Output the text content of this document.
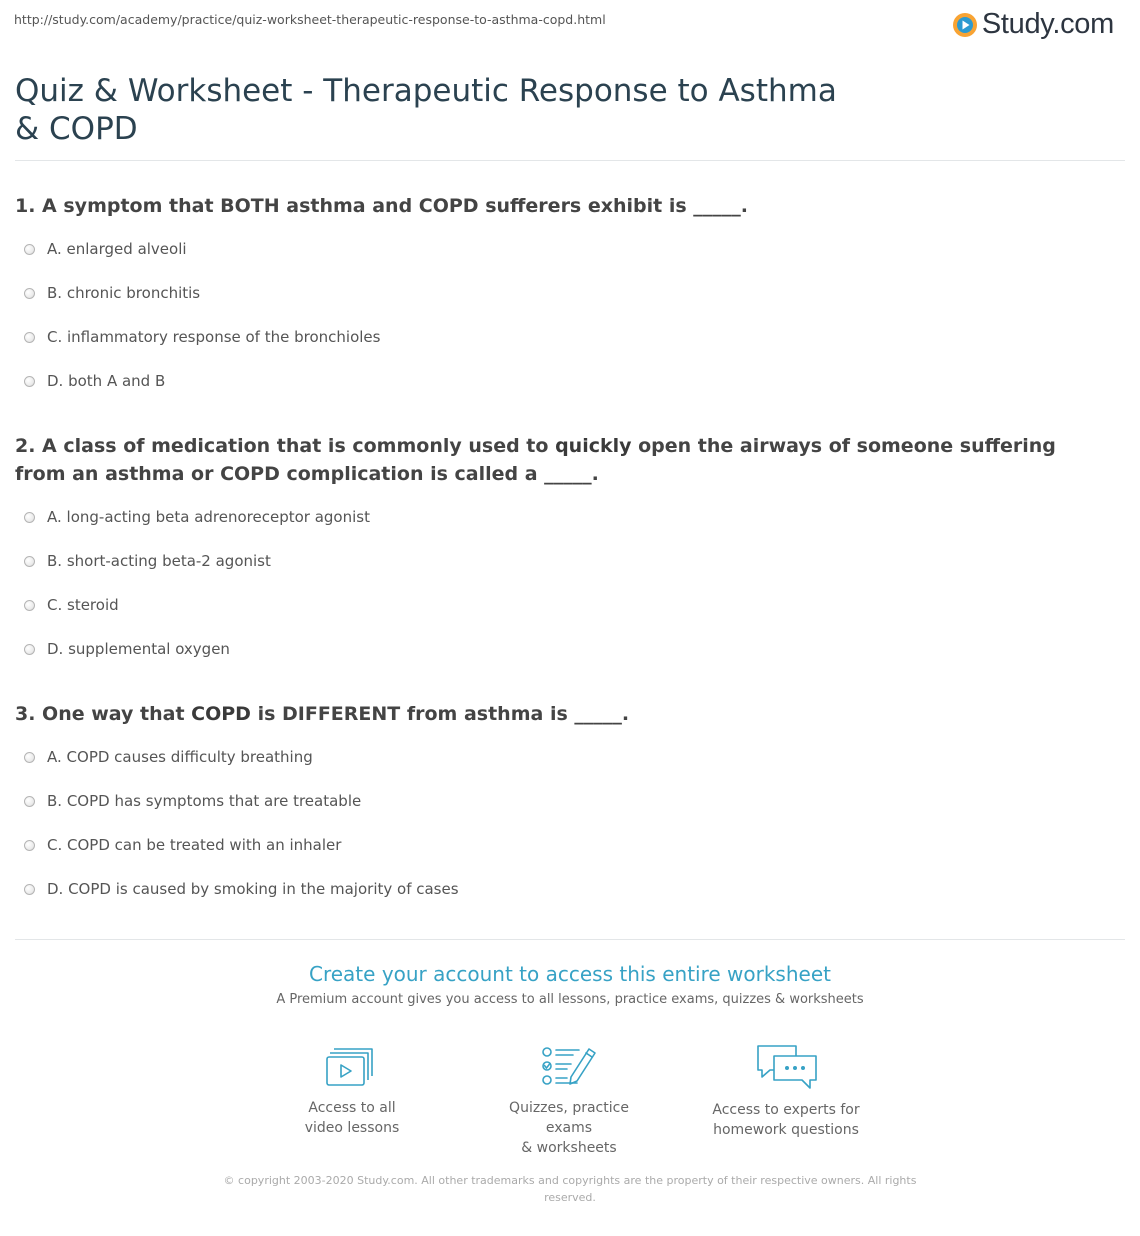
http://study.com/academy/practice/quiz-worksheet-therapeutic-response-to-asthma-copd.html	Study.com
Quiz & Worksheet - Therapeutic Response to Asthma & COPD
1. A symptom that BOTH asthma and COPD sufferers exhibit is _____.
A. enlarged alveoli
B. chronic bronchitis
C. inflammatory response of the bronchioles
D. both A and B
2. A class of medication that is commonly used to quickly open the airways of someone suffering from an asthma or COPD complication is called a _____.
A. long-acting beta adrenoreceptor agonist
B. short-acting beta-2 agonist
C. steroid
D. supplemental oxygen
3. One way that COPD is DIFFERENT from asthma is _____.
A. COPD causes difficulty breathing
B. COPD has symptoms that are treatable
C. COPD can be treated with an inhaler
D. COPD is caused by smoking in the majority of cases
Create your account to access this entire worksheet
A Premium account gives you access to all lessons, practice exams, quizzes & worksheets
Access to all
video lessons
Quizzes, practice exams
& worksheets
Access to experts for
homework questions
© copyright 2003-2020 Study.com. All other trademarks and copyrights are the property of their respective owners. All rights reserved.
